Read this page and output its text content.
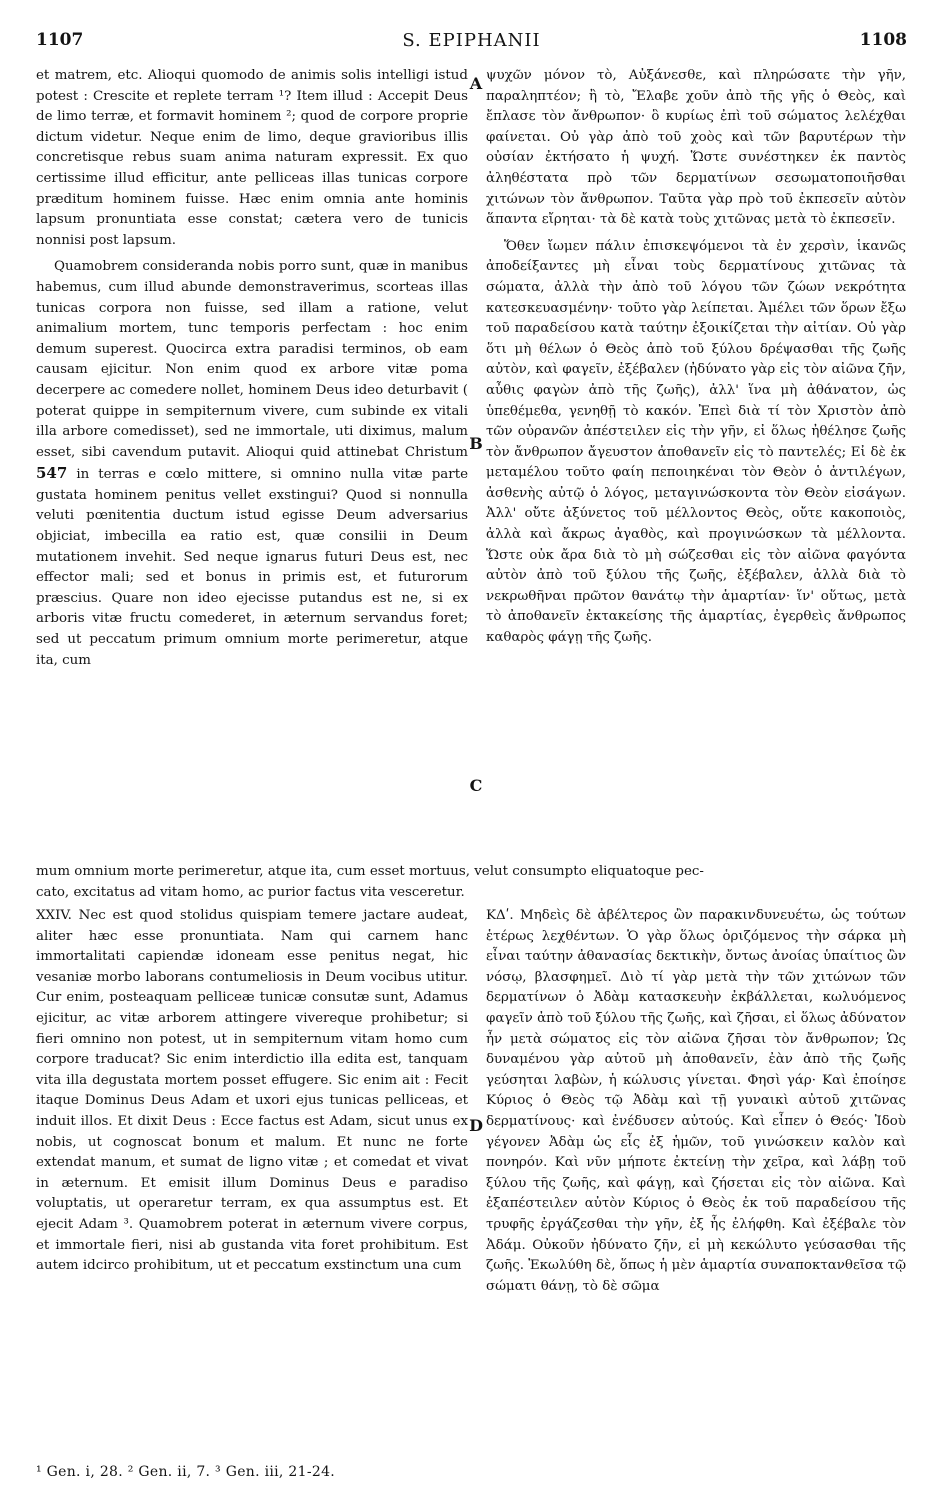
1107	S. EPIPHANII	1108

et matrem, etc. Alioqui quomodo de animis solis intelligi istud potest : Crescite et replete terram ¹? Item illud : Accepit Deus de limo terræ, et formavit hominem ²; quod de corpore proprie dictum videtur. Neque enim de limo, deque gravioribus illis concretisque rebus suam anima naturam expressit. Ex quo certissime illud efficitur, ante pelliceas illas tunicas corpore præditum hominem fuisse. Hæc enim omnia ante hominis lapsum pronuntiata esse constat; cætera vero de tunicis nonnisi post lapsum.

Quamobrem consideranda nobis porro sunt, quæ in manibus habemus, cum illud abunde demonstraverimus, scorteas illas tunicas corpora non fuisse, sed illam a ratione, velut animalium mortem, tunc temporis perfectam : hoc enim demum superest. Quocirca extra paradisi terminos, ob eam causam ejicitur. Non enim quod ex arbore vitæ poma decerpere ac comedere nollet, hominem Deus ideo deturbavit ( poterat quippe in sempiternum vivere, cum subinde ex vitali illa arbore comedisset), sed ne immortale, uti diximus, malum esset, sibi cavendum putavit. Alioqui quid attinebat Christum 547 in terras e cœlo mittere, si omnino nulla vitæ parte gustata hominem penitus vellet exstingui? Quod si nonnulla veluti pœnitentia ductum istud egisse Deum adversarius objiciat, imbecilla ea ratio est, quæ consilii in Deum mutationem invehit. Sed neque ignarus futuri Deus est, nec effector mali; sed et bonus in primis est, et futurorum præscius. Quare non ideo ejecisse putandus est ne, si ex arboris vitæ fructu comederet, in æternum servandus foret; sed ut peccatum primum omnium morte perimeretur, atque ita, cum

ψυχῶν μόνον τὸ, Αὐξάνεσθε, καὶ πληρώσατε τὴν γῆν, παραληπτέον; ἢ τὸ, Ἔλαβε χοῦν ἀπὸ τῆς γῆς ὁ Θεὸς, καὶ ἔπλασε τὸν ἄνθρωπον· ὃ κυρίως ἐπὶ τοῦ σώματος λελέχθαι φαίνεται. Οὐ γὰρ ἀπὸ τοῦ χοὸς καὶ τῶν βαρυτέρων τὴν οὐσίαν ἐκτήσατο ἡ ψυχή. Ὥστε συνέστηκεν ἐκ παντὸς ἀληθέστατα πρὸ τῶν δερματίνων σεσωματοποιῆσθαι χιτώνων τὸν ἄνθρωπον. Ταῦτα γὰρ πρὸ τοῦ ἐκπεσεῖν αὐτὸν ἅπαντα εἴρηται· τὰ δὲ κατὰ τοὺς χιτῶνας μετὰ τὸ ἐκπεσεῖν.

Ὅθεν ἴωμεν πάλιν ἐπισκεψόμενοι τὰ ἐν χερσὶν, ἱκανῶς ἀποδείξαντες μὴ εἶναι τοὺς δερματίνους χιτῶνας τὰ σώματα, ἀλλὰ τὴν ἀπὸ τοῦ λόγου τῶν ζώων νεκρότητα κατεσκευασμένην· τοῦτο γὰρ λείπεται. Ἀμέλει τῶν ὅρων ἔξω τοῦ παραδείσου κατὰ ταύτην ἐξοικίζεται τὴν αἰτίαν. Οὐ γὰρ ὅτι μὴ θέλων ὁ Θεὸς ἀπὸ τοῦ ξύλου δρέψασθαι τῆς ζωῆς αὐτὸν, καὶ φαγεῖν, ἐξέβαλεν (ἠδύνατο γὰρ εἰς τὸν αἰῶνα ζῆν, αὖθις φαγὼν ἀπὸ τῆς ζωῆς), ἀλλ' ἵνα μὴ ἀθάνατον, ὡς ὑπεθέμεθα, γενηθῇ τὸ κακόν. Ἐπεὶ διὰ τί τὸν Χριστὸν ἀπὸ τῶν οὐρανῶν ἀπέστειλεν εἰς τὴν γῆν, εἰ ὅλως ἠθέλησε ζωῆς τὸν ἄνθρωπον ἄγευστον ἀποθανεῖν εἰς τὸ παντελές; Εἰ δὲ ἐκ μεταμέλου τοῦτο φαίη πεποιηκέναι τὸν Θεὸν ὁ ἀντιλέγων, ἀσθενὴς αὐτῷ ὁ λόγος, μεταγινώσκοντα τὸν Θεὸν εἰσάγων. Ἀλλ' οὔτε ἀξύνετος τοῦ μέλλοντος Θεὸς, οὔτε κακοποιὸς, ἀλλὰ καὶ ἄκρως ἀγαθὸς, καὶ προγινώσκων τὰ μέλλοντα. Ὥστε οὐκ ἄρα διὰ τὸ μὴ σώζεσθαι εἰς τὸν αἰῶνα φαγόντα αὐτὸν ἀπὸ τοῦ ξύλου τῆς ζωῆς, ἐξέβαλεν, ἀλλὰ διὰ τὸ νεκρωθῆναι πρῶτον θανάτῳ τὴν ἁμαρτίαν· ἵν' οὕτως, μετὰ τὸ ἀποθανεῖν ἐκτακείσης τῆς ἁμαρτίας, ἐγερθεὶς ἄνθρωπος καθαρὸς φάγῃ τῆς ζωῆς.

mum omnium morte perimeretur, atque ita, cum esset mortuus, velut consumpto eliquatoque pec-
cato, excitatus ad vitam homo, ac purior factus vita vesceretur.

XXIV. Nec est quod stolidus quispiam temere jactare audeat, aliter hæc esse pronuntiata. Nam qui carnem hanc immortalitati capiendæ idoneam esse penitus negat, hic vesaniæ morbo laborans contumeliosis in Deum vocibus utitur. Cur enim, posteaquam pelliceæ tunicæ consutæ sunt, Adamus ejicitur, ac vitæ arborem attingere vivereque prohibetur; si fieri omnino non potest, ut in sempiternum vitam homo cum corpore traducat? Sic enim interdictio illa edita est, tanquam vita illa degustata mortem posset effugere. Sic enim ait : Fecit itaque Dominus Deus Adam et uxori ejus tunicas pelliceas, et induit illos. Et dixit Deus : Ecce factus est Adam, sicut unus ex nobis, ut cognoscat bonum et malum. Et nunc ne forte extendat manum, et sumat de ligno vitæ ; et comedat et vivat in æternum. Et emisit illum Dominus Deus e paradiso voluptatis, ut operaretur terram, ex qua assumptus est. Et ejecit Adam ³. Quamobrem poterat in æternum vivere corpus, et immortale fieri, nisi ab gustanda vita foret prohibitum. Est autem idcirco prohibitum, ut et peccatum exstinctum una cum

ΚΔʹ. Μηδεὶς δὲ ἀβέλτερος ὢν παρακινδυνευέτω, ὡς τούτων ἑτέρως λεχθέντων. Ὁ γὰρ ὅλως ὁριζόμενος τὴν σάρκα μὴ εἶναι ταύτην ἀθανασίας δεκτικὴν, ὄντως ἀνοίας ὑπαίτιος ὢν νόσῳ, βλασφημεῖ. Διὸ τί γὰρ μετὰ τὴν τῶν χιτώνων τῶν δερματίνων ὁ Ἀδὰμ κατασκευὴν ἐκβάλλεται, κωλυόμενος φαγεῖν ἀπὸ τοῦ ξύλου τῆς ζωῆς, καὶ ζῆσαι, εἰ ὅλως ἀδύνατον ἦν μετὰ σώματος εἰς τὸν αἰῶνα ζῆσαι τὸν ἄνθρωπον; Ὡς δυναμένου γὰρ αὐτοῦ μὴ ἀποθανεῖν, ἐὰν ἀπὸ τῆς ζωῆς γεύσηται λαβὼν, ἡ κώλυσις γίνεται. Φησὶ γάρ· Καὶ ἐποίησε Κύριος ὁ Θεὸς τῷ Ἀδὰμ καὶ τῇ γυναικὶ αὐτοῦ χιτῶνας δερματίνους· καὶ ἐνέδυσεν αὐτούς. Καὶ εἶπεν ὁ Θεός· Ἰδοὺ γέγονεν Ἀδὰμ ὡς εἷς ἐξ ἡμῶν, τοῦ γινώσκειν καλὸν καὶ πονηρόν. Καὶ νῦν μήποτε ἐκτείνῃ τὴν χεῖρα, καὶ λάβῃ τοῦ ξύλου τῆς ζωῆς, καὶ φάγῃ, καὶ ζήσεται εἰς τὸν αἰῶνα. Καὶ ἐξαπέστειλεν αὐτὸν Κύριος ὁ Θεὸς ἐκ τοῦ παραδείσου τῆς τρυφῆς ἐργάζεσθαι τὴν γῆν, ἐξ ἧς ἐλήφθη. Καὶ ἐξέβαλε τὸν Ἀδάμ. Οὐκοῦν ἠδύνατο ζῆν, εἰ μὴ κεκώλυτο γεύσασθαι τῆς ζωῆς. Ἐκωλύθη δὲ, ὅπως ἡ μὲν ἁμαρτία συναποκτανθεῖσα τῷ σώματι θάνῃ, τὸ δὲ σῶμα

A
B
C
D
¹ Gen. i, 28. ² Gen. ii, 7. ³ Gen. iii, 21-24.
